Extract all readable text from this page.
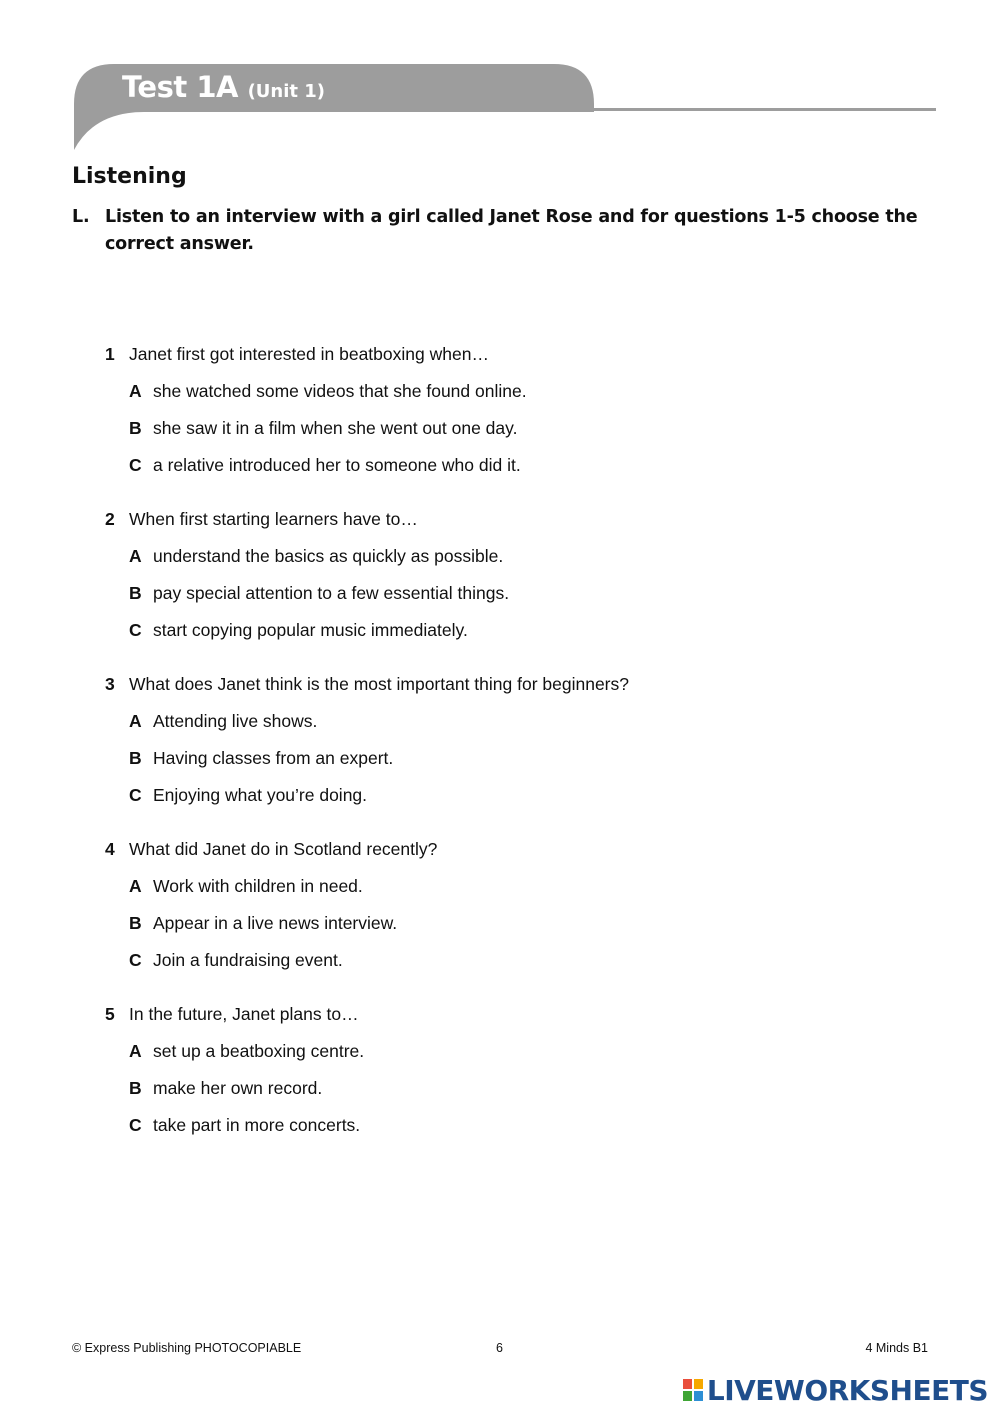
Test 1A (Unit 1)
Listening
L. Listen to an interview with a girl called Janet Rose and for questions 1-5 choose the correct answer.
1 Janet first got interested in beatboxing when…
A she watched some videos that she found online.
B she saw it in a film when she went out one day.
C a relative introduced her to someone who did it.
2 When first starting learners have to…
A understand the basics as quickly as possible.
B pay special attention to a few essential things.
C start copying popular music immediately.
3 What does Janet think is the most important thing for beginners?
A Attending live shows.
B Having classes from an expert.
C Enjoying what you’re doing.
4 What did Janet do in Scotland recently?
A Work with children in need.
B Appear in a live news interview.
C Join a fundraising event.
5 In the future, Janet plans to…
A set up a beatboxing centre.
B make her own record.
C take part in more concerts.
© Express Publishing PHOTOCOPIABLE	6	4 Minds B1
LIVEWORKSHEETS
